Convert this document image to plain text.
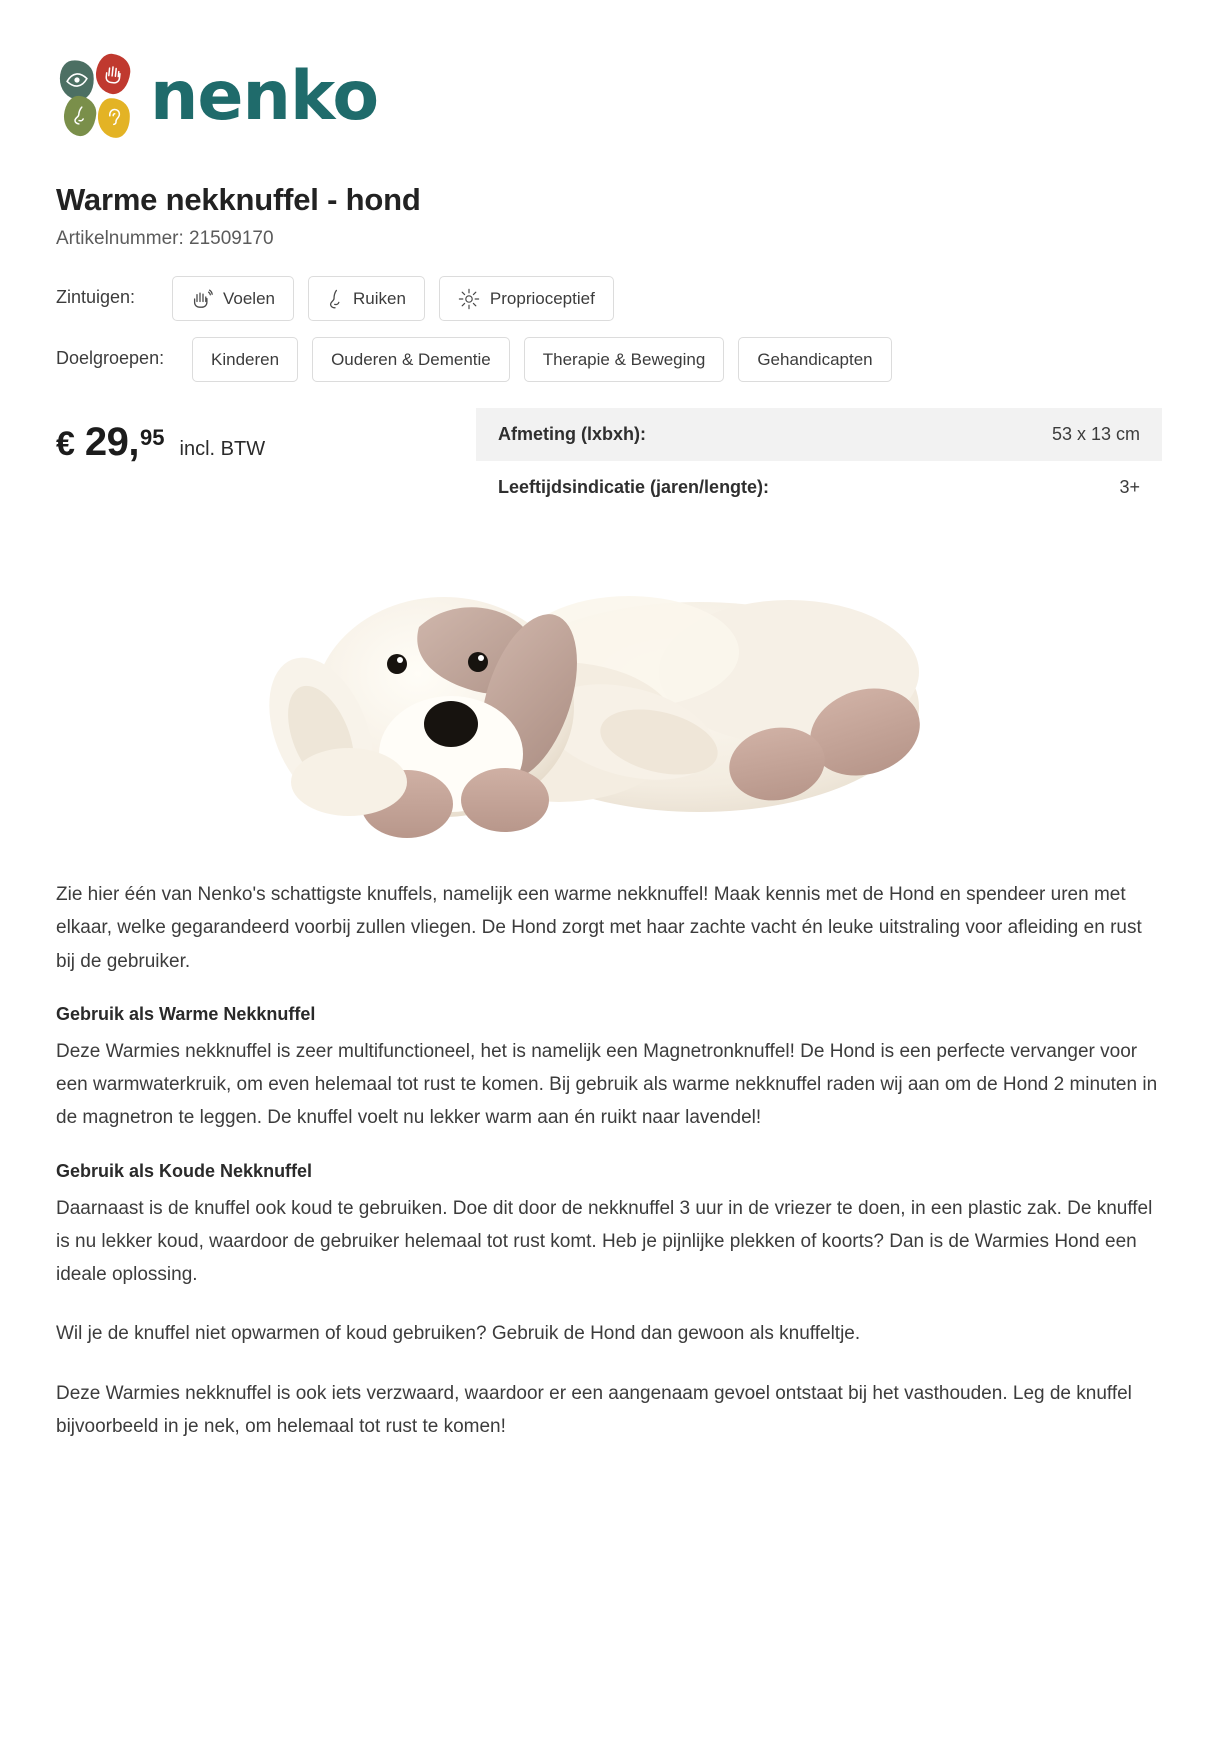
nenko
Warme nekknuffel - hond
Artikelnummer: 21509170
Zintuigen:	Voelen	Ruiken	Proprioceptief
Doelgroepen:	Kinderen	Ouderen & Dementie	Therapie & Beweging	Gehandicapten
€ 29, 95 incl. BTW
Afmeting (lxbxh):	53 x 13 cm
Leeftijdsindicatie (jaren/lengte):	3+

Zie hier één van Nenko's schattigste knuffels, namelijk een warme nekknuffel! Maak kennis met de Hond en spendeer uren met elkaar, welke gegarandeerd voorbij zullen vliegen. De Hond zorgt met haar zachte vacht én leuke uitstraling voor afleiding en rust bij de gebruiker.

Gebruik als Warme Nekknuffel

Deze Warmies nekknuffel is zeer multifunctioneel, het is namelijk een Magnetronknuffel! De Hond is een perfecte vervanger voor een warmwaterkruik, om even helemaal tot rust te komen. Bij gebruik als warme nekknuffel raden wij aan om de Hond 2 minuten in de magnetron te leggen. De knuffel voelt nu lekker warm aan én ruikt naar lavendel!

Gebruik als Koude Nekknuffel

Daarnaast is de knuffel ook koud te gebruiken. Doe dit door de nekknuffel 3 uur in de vriezer te doen, in een plastic zak. De knuffel is nu lekker koud, waardoor de gebruiker helemaal tot rust komt. Heb je pijnlijke plekken of koorts? Dan is de Warmies Hond een ideale oplossing.

Wil je de knuffel niet opwarmen of koud gebruiken? Gebruik de Hond dan gewoon als knuffeltje.

Deze Warmies nekknuffel is ook iets verzwaard, waardoor er een aangenaam gevoel ontstaat bij het vasthouden. Leg de knuffel bijvoorbeeld in je nek, om helemaal tot rust te komen!
